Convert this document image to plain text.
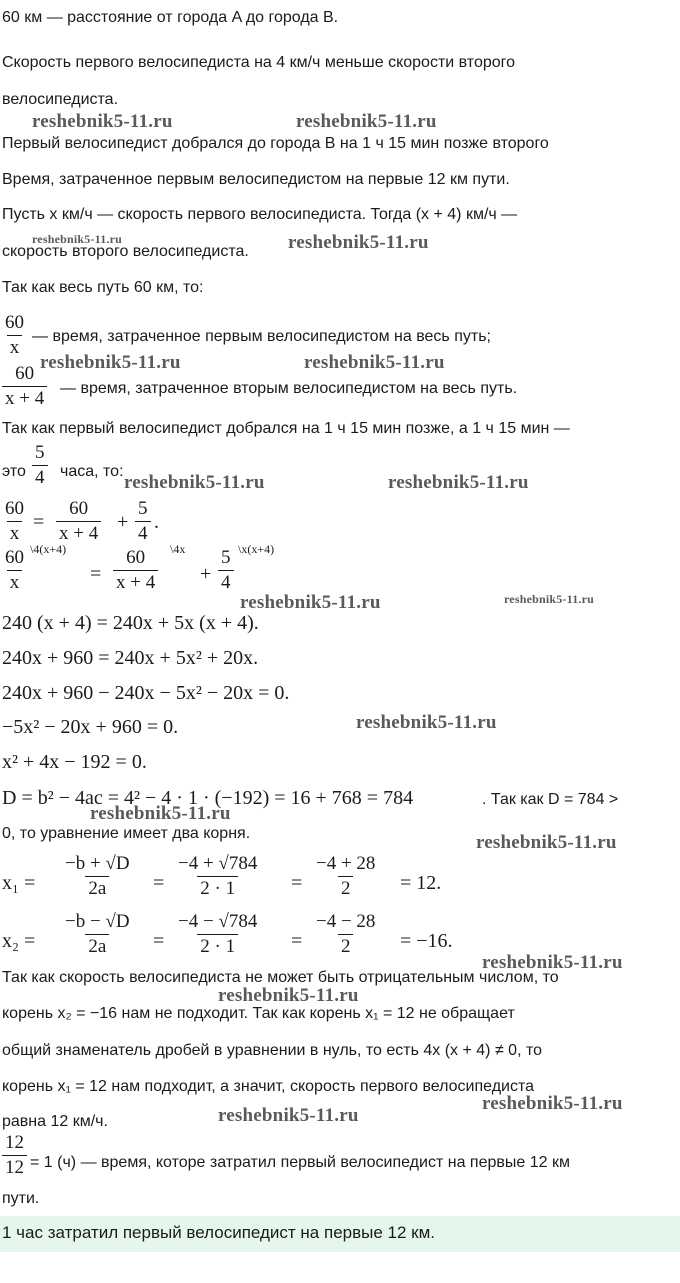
60 км — расстояние от города A до города B.
Скорость первого велосипедиста на 4 км/ч меньше скорости второго
велосипедиста.
Первый велосипедист добрался до города B на 1 ч 15 мин позже второго
Время, затраченное первым велосипедистом на первые 12 км пути.
Пусть x км/ч — скорость первого велосипедиста. Тогда (x + 4) км/ч —
скорость второго велосипедиста.
Так как весь путь 60 км, то:
$\frac{60}{x}$ — время, затраченное первым велосипедистом на весь путь;
$\frac{60}{x + 4}$ — время, затраченное вторым велосипедистом на весь путь.
Так как первый велосипедист добрался на 1 ч 15 мин позже, а 1 ч 15 мин —
это $\frac{5}{4}$ часа, то:
$\frac{60}{x} = \frac{60}{x + 4} + \frac{5}{4}$ .
$\frac{60}{x}$ \4(x+4)
= $\frac{60}{x + 4}$ \4x
+ $\frac{5}{4}$ \x(x+4)
240 (x + 4) = 240x + 5x (x + 4).
240x + 960 = 240x + 5x² + 20x.
240x + 960 − 240x − 5x² − 20x = 0.
−5x² − 20x + 960 = 0.
x² + 4x − 192 = 0.
D = b² − 4ac = 4² − 4 · 1 · (−192) = 16 + 768 = 784	. Так как D = 784 >
0, то уравнение имеет два корня.
$x_1 = \frac{-b + √D}{2a} = \frac{-4 + √784}{2 \cdot 1} = \frac{-4 + 28}{2} = 12$.
$x_2 = \frac{-b - √D}{2a} = \frac{-4 - √784}{2 \cdot 1} = \frac{-4 - 28}{2} = -16$.
Так как скорость велосипедиста не может быть отрицательным числом, то
корень x₂ = −16 нам не подходит. Так как корень x₁ = 12 не обращает
общий знаменатель дробей в уравнении в нуль, то есть 4x (x + 4) ≠ 0, то
корень x₁ = 12 нам подходит, а значит, скорость первого велосипедиста
равна 12 км/ч.
$\frac{12}{12} = 1$ (ч) — время, которе затратил первый велосипедист на первые 12 км
пути.
1 час затратил первый велосипедист на первые 12 км.
reshebnik5-11.ru	reshebnik5-11.ru
reshebnik5-11.ru	reshebnik5-11.ru
reshebnik5-11.ru	reshebnik5-11.ru
reshebnik5-11.ru	reshebnik5-11.ru
reshebnik5-11.ru	reshebnik5-11.ru
reshebnik5-11.ru
reshebnik5-11.ru
reshebnik5-11.ru
reshebnik5-11.ru
reshebnik5-11.ru
reshebnik5-11.ru
reshebnik5-11.ru
